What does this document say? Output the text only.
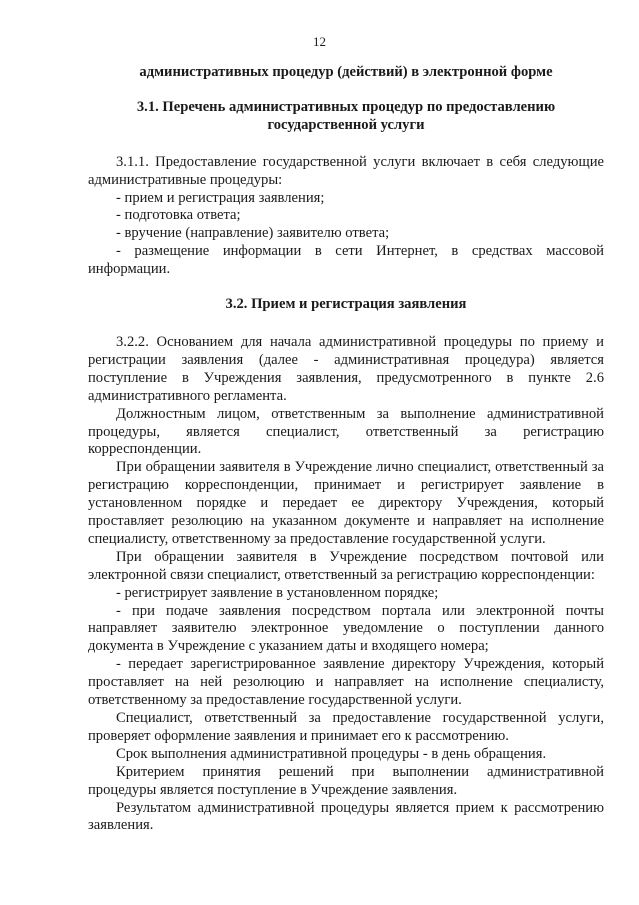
12

административных процедур (действий) в электронной форме

3.1. Перечень административных процедур по предоставлению государственной услуги

3.1.1. Предоставление государственной услуги включает в себя следующие административные процедуры:

- прием и регистрация заявления;

- подготовка ответа;

- вручение (направление) заявителю ответа;

- размещение информации в сети Интернет, в средствах массовой информации.

3.2. Прием и регистрация заявления

3.2.2. Основанием для начала административной процедуры по приему и регистрации заявления (далее - административная процедура) является поступление в Учреждения заявления, предусмотренного в пункте 2.6 административного регламента.

Должностным лицом, ответственным за выполнение административной процедуры, является специалист, ответственный за регистрацию корреспонденции.

При обращении заявителя в Учреждение лично специалист, ответственный за регистрацию корреспонденции, принимает и регистрирует заявление в установленном порядке и передает ее директору Учреждения, который проставляет резолюцию на указанном документе и направляет на исполнение специалисту, ответственному за предоставление государственной услуги.

При обращении заявителя в Учреждение посредством почтовой или электронной связи специалист, ответственный за регистрацию корреспонденции:

- регистрирует заявление в установленном порядке;

- при подаче заявления посредством портала или электронной почты направляет заявителю электронное уведомление о поступлении данного документа в Учреждение с указанием даты и входящего номера;

- передает зарегистрированное заявление директору Учреждения, который проставляет на ней резолюцию и направляет на исполнение специалисту, ответственному за предоставление государственной услуги.

Специалист, ответственный за предоставление государственной услуги, проверяет оформление заявления и принимает его к рассмотрению.

Срок выполнения административной процедуры - в день обращения.

Критерием принятия решений при выполнении административной процедуры является поступление в Учреждение заявления.

Результатом административной процедуры является прием к рассмотрению заявления.
